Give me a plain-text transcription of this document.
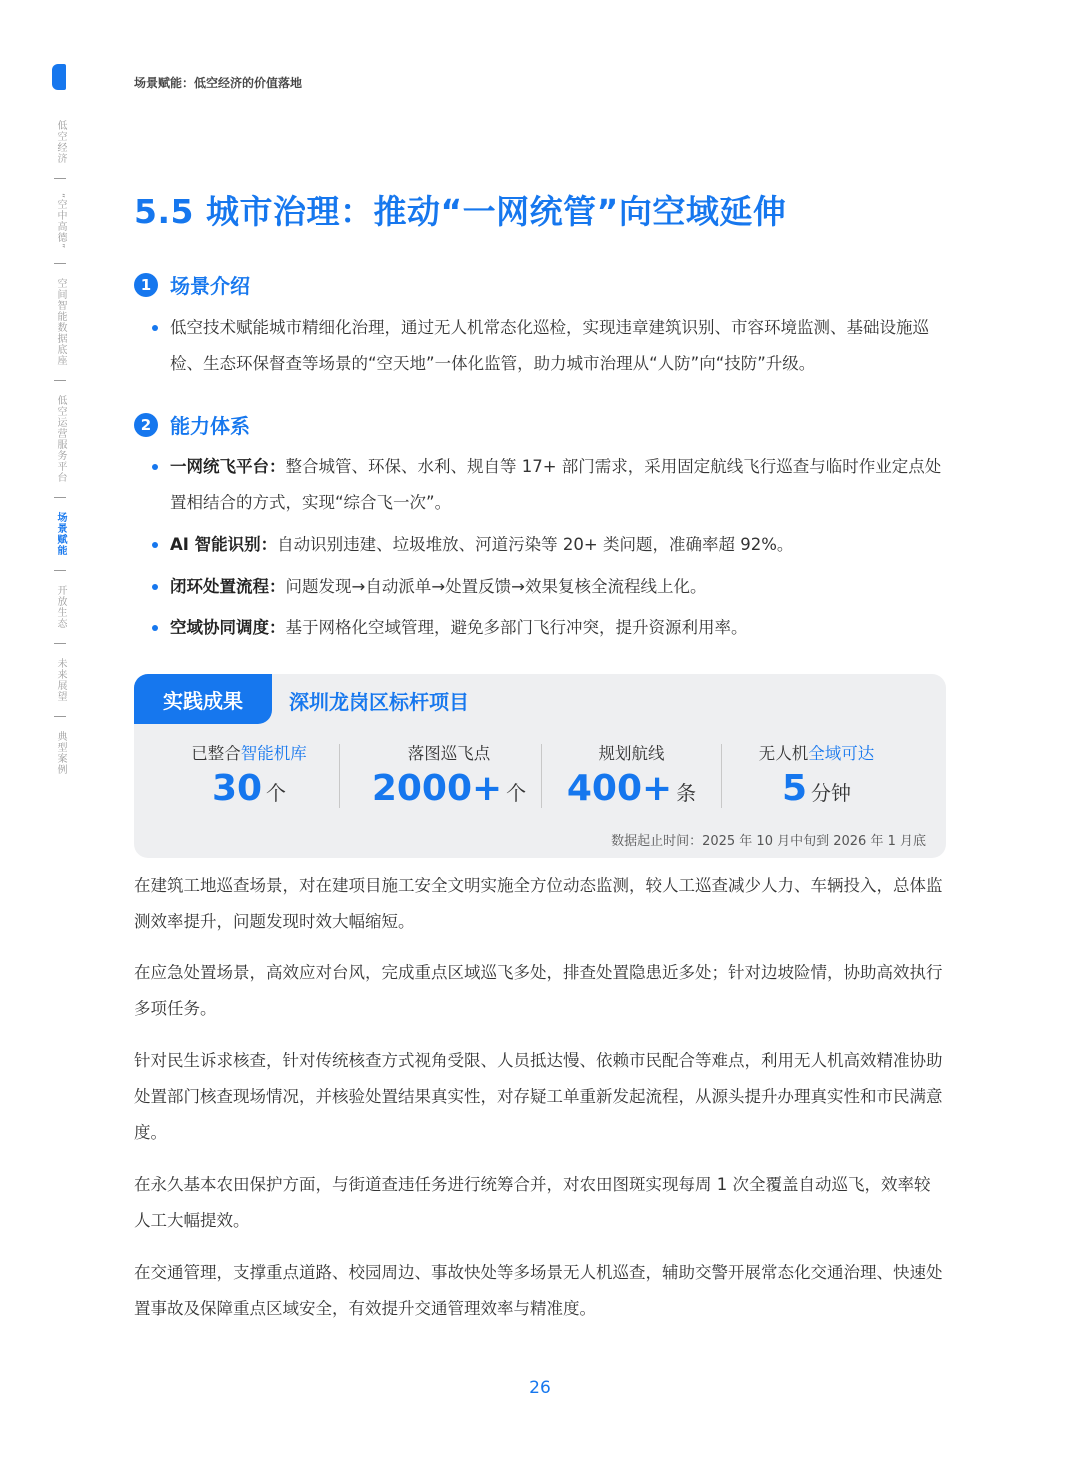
低空经济
“空中高德”
空间智能数据底座
低空运营服务平台
场景赋能
开放生态
未来展望
典型案例
场景赋能：低空经济的价值落地
5.5 城市治理：推动“一网统管”向空域延伸
1 场景介绍
低空技术赋能城市精细化治理，通过无人机常态化巡检，实现违章建筑识别、市容环境监测、基础设施巡检、生态环保督查等场景的“空天地”一体化监管，助力城市治理从“人防”向“技防”升级。
2 能力体系
一网统飞平台：整合城管、环保、水利、规自等 17+ 部门需求，采用固定航线飞行巡查与临时作业定点处置相结合的方式，实现“综合飞一次”。
AI 智能识别：自动识别违建、垃圾堆放、河道污染等 20+ 类问题，准确率超 92%。
闭环处置流程：问题发现→自动派单→处置反馈→效果复核全流程线上化。
空域协同调度：基于网格化空域管理，避免多部门飞行冲突，提升资源利用率。
实践成果	深圳龙岗区标杆项目
已整合智能机库
30 个
落图巡飞点
2000+ 个
规划航线
400+ 条
无人机全域可达
5 分钟
数据起止时间：2025 年 10 月中旬到 2026 年 1 月底
在建筑工地巡查场景，对在建项目施工安全文明实施全方位动态监测，较人工巡查减少人力、车辆投入，总体监测效率提升，问题发现时效大幅缩短。
在应急处置场景，高效应对台风，完成重点区域巡飞多处，排查处置隐患近多处；针对边坡险情，协助高效执行多项任务。
针对民生诉求核查，针对传统核查方式视角受限、人员抵达慢、依赖市民配合等难点，利用无人机高效精准协助处置部门核查现场情况，并核验处置结果真实性，对存疑工单重新发起流程，从源头提升办理真实性和市民满意度。
在永久基本农田保护方面，与街道查违任务进行统筹合并，对农田图斑实现每周 1 次全覆盖自动巡飞，效率较人工大幅提效。
在交通管理，支撑重点道路、校园周边、事故快处等多场景无人机巡查，辅助交警开展常态化交通治理、快速处置事故及保障重点区域安全，有效提升交通管理效率与精准度。
26
